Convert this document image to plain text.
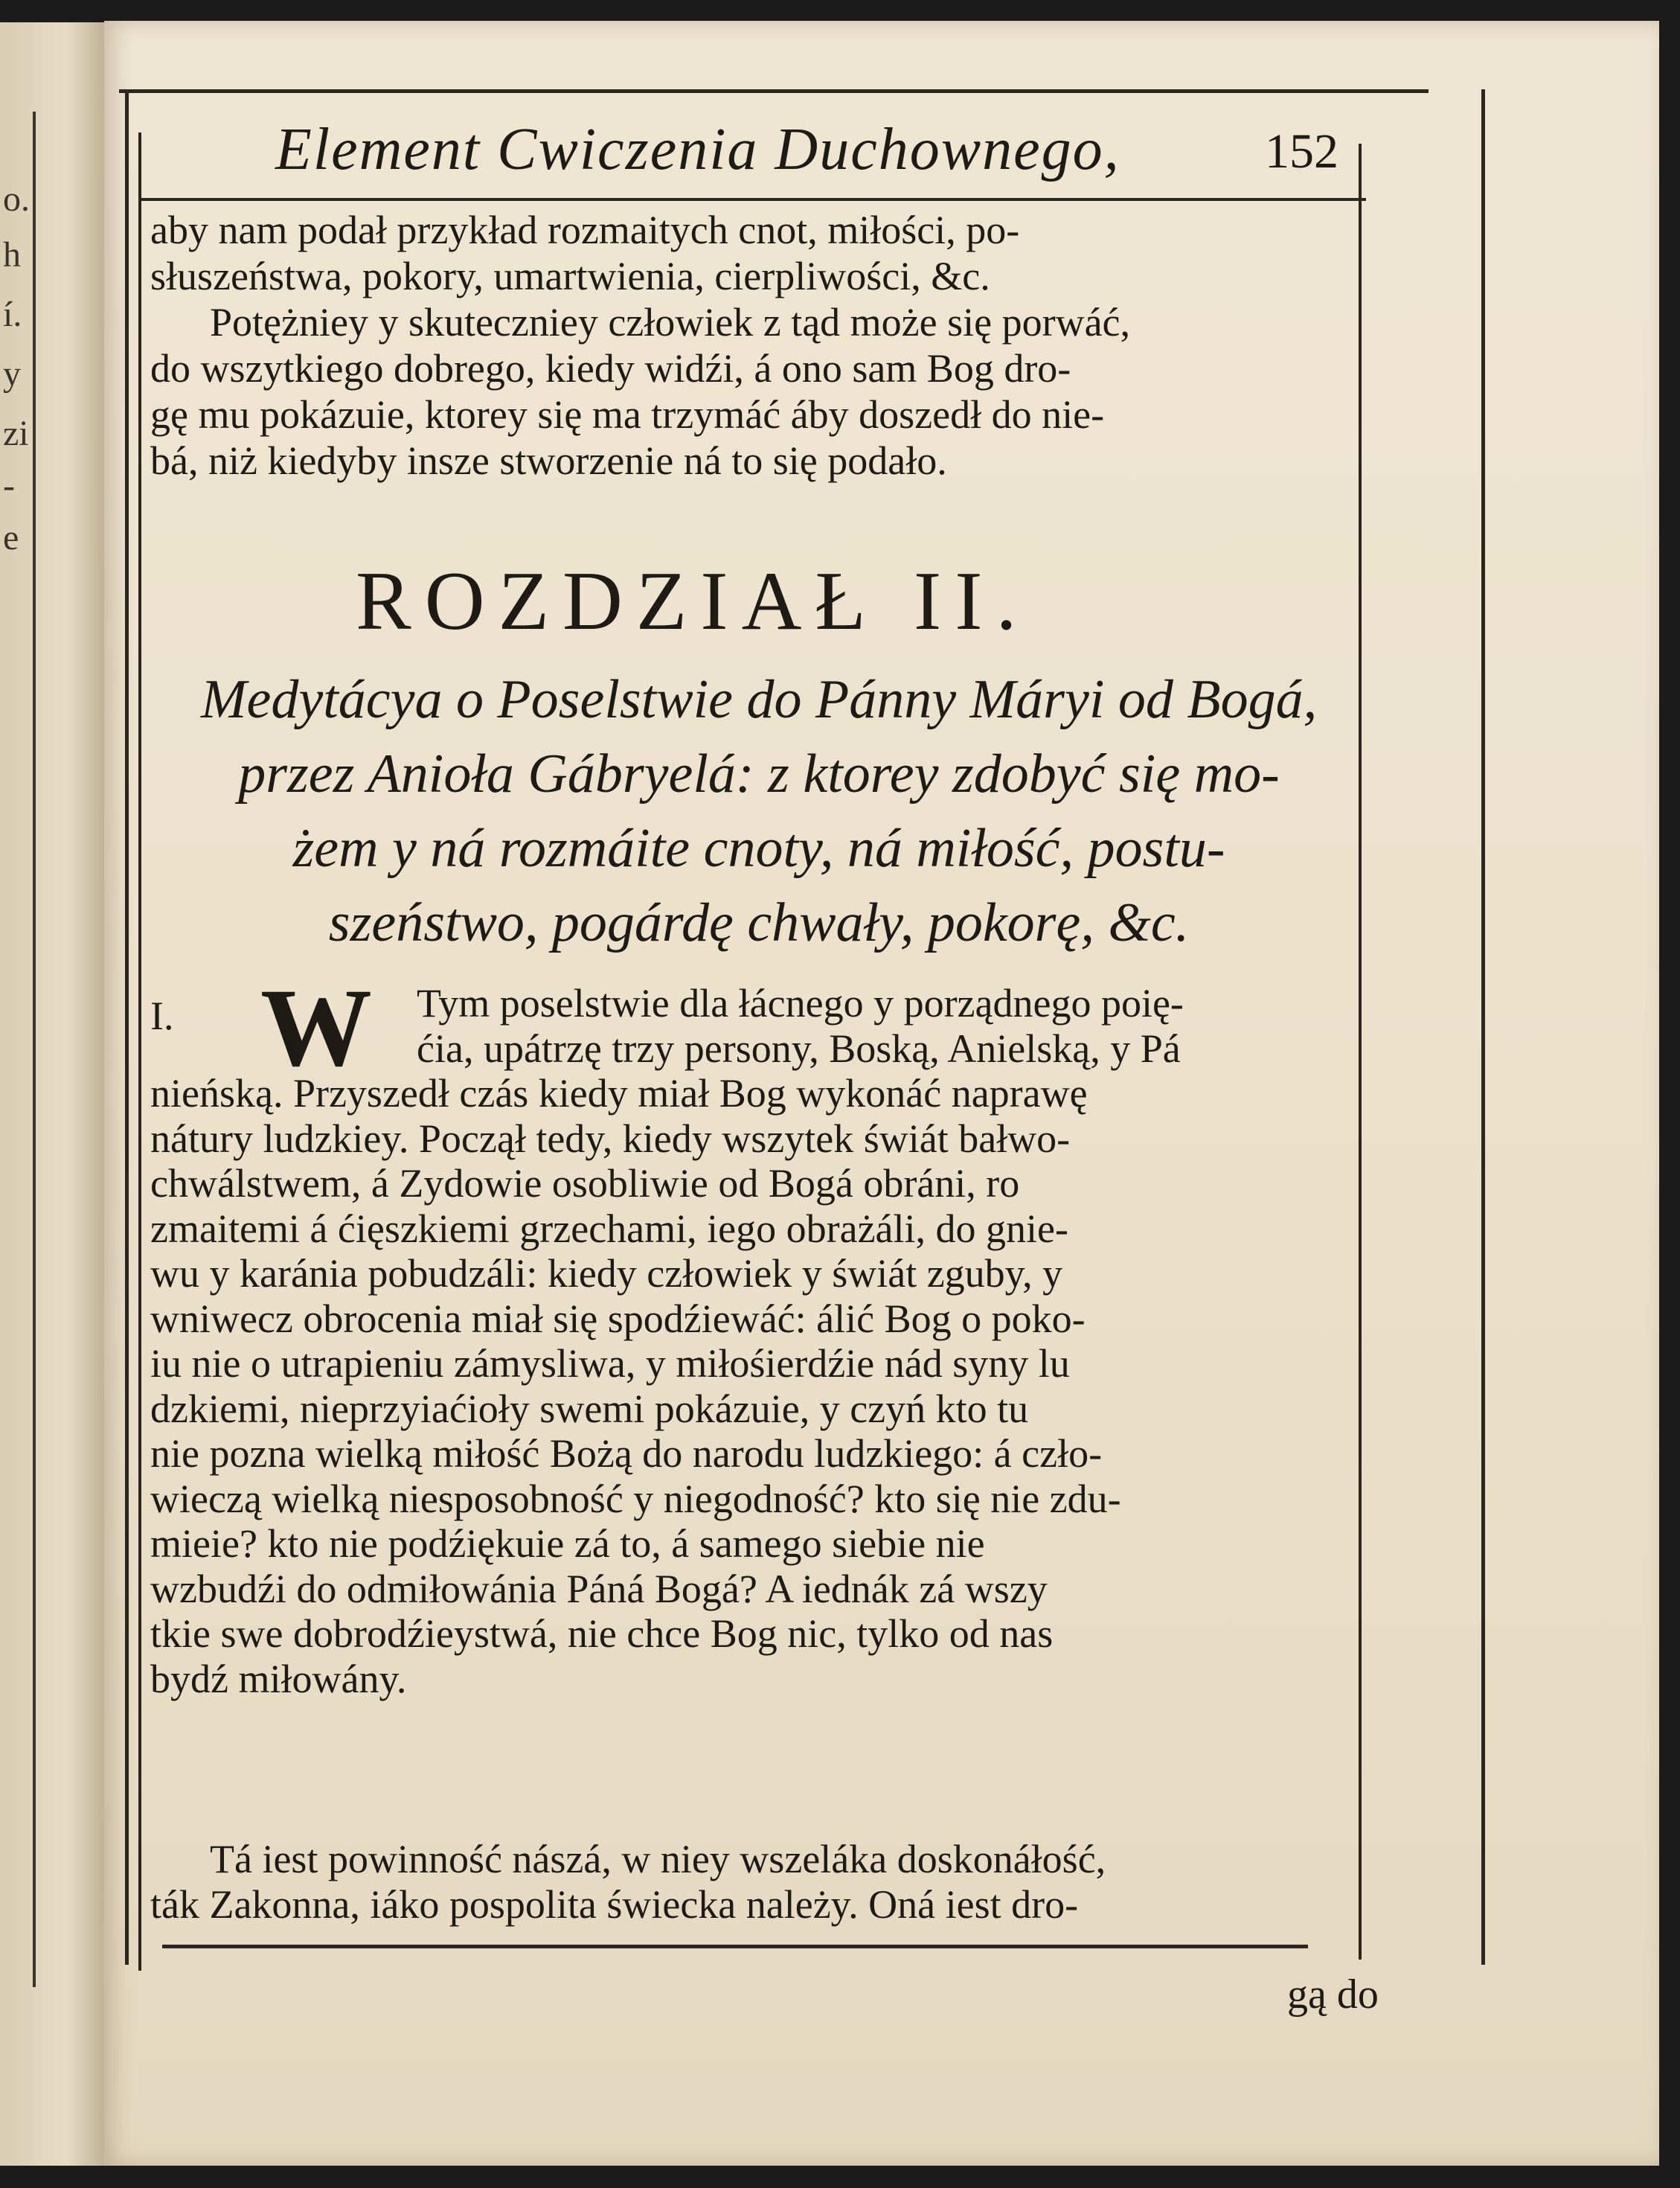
o.
h
í.
y
zi
-
e
Element Cwiczenia Duchownego,	152
aby nam podał przykład rozmaitych cnot, miłości, po-
słuszeństwa, pokory, umartwienia, cierpliwości, &c.
Potężniey y skuteczniey człowiek z tąd może się porwáć,
do wszytkiego dobrego, kiedy widźi, á ono sam Bog dro-
gę mu pokázuie, ktorey się ma trzymáć áby doszedł do nie-
bá, niż kiedyby insze stworzenie ná to się podało.
ROZDZIAŁ II.
Medytácya o Poselstwie do Pánny Máryi od Bogá,
przez Anioła Gábryelá: z ktorey zdobyć się mo-
żem y ná rozmáite cnoty, ná miłość, postu-
szeństwo, pogárdę chwały, pokorę, &c.
I. W Tym poselstwie dla łácnego y porządnego poię-
ćia, upátrzę trzy persony, Boską, Anielską, y Pá
nieńską. Przyszedł czás kiedy miał Bog wykonáć naprawę
nátury ludzkiey. Począł tedy, kiedy wszytek świát bałwo-
chwálstwem, á Zydowie osobliwie od Bogá obráni, ro
zmaitemi á ćięszkiemi grzechami, iego obrażáli, do gnie-
wu y karánia pobudzáli: kiedy człowiek y świát zguby, y
wniwecz obrocenia miał się spodźiewáć: álić Bog o poko-
iu nie o utrapieniu zámysliwa, y miłośierdźie nád syny lu
dzkiemi, nieprzyiaćioły swemi pokázuie, y czyń kto tu
nie pozna wielką miłość Bożą do narodu ludzkiego: á czło-
wieczą wielką niesposobność y niegodność? kto się nie zdu-
mieie? kto nie podźiękuie zá to, á samego siebie nie
wzbudźi do odmiłowánia Páná Bogá? A iednák zá wszy
tkie swe dobrodźieystwá, nie chce Bog nic, tylko od nas
bydź miłowány.
Tá iest powinność nászá, w niey wszeláka doskonáłość,
ták Zakonna, iáko pospolita świecka należy. Oná iest dro-
gą do
